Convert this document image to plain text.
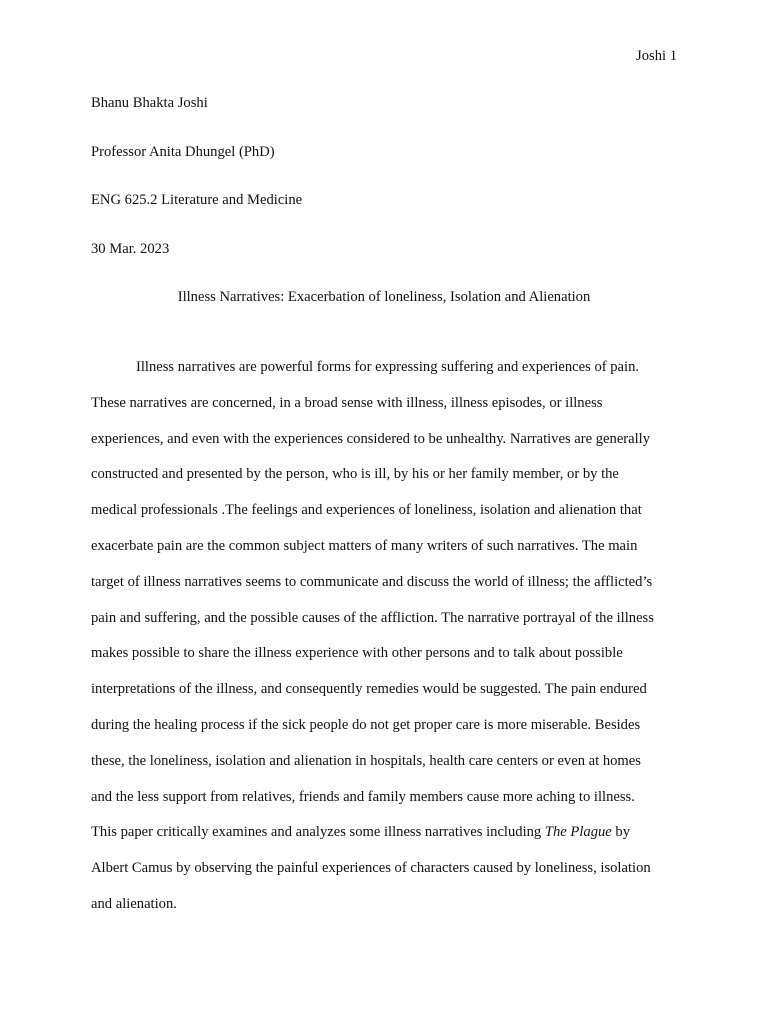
Joshi 1
Bhanu Bhakta Joshi
Professor Anita Dhungel (PhD)
ENG 625.2 Literature and Medicine
30 Mar. 2023
Illness Narratives: Exacerbation of loneliness, Isolation and Alienation
Illness narratives are powerful forms for expressing suffering and experiences of pain.
These narratives are concerned, in a broad sense with illness, illness episodes, or illness
experiences, and even with the experiences considered to be unhealthy. Narratives are generally
constructed and presented by the person, who is ill, by his or her family member, or by the
medical professionals .The feelings and experiences of loneliness, isolation and alienation that
exacerbate pain are the common subject matters of many writers of such narratives. The main
target of illness narratives seems to communicate and discuss the world of illness; the afflicted’s
pain and suffering, and the possible causes of the affliction. The narrative portrayal of the illness
makes possible to share the illness experience with other persons and to talk about possible
interpretations of the illness, and consequently remedies would be suggested. The pain endured
during the healing process if the sick people do not get proper care is more miserable. Besides
these, the loneliness, isolation and alienation in hospitals, health care centers or even at homes
and the less support from relatives, friends and family members cause more aching to illness.
This paper critically examines and analyzes some illness narratives including The Plague by
Albert Camus by observing the painful experiences of characters caused by loneliness, isolation
and alienation.
